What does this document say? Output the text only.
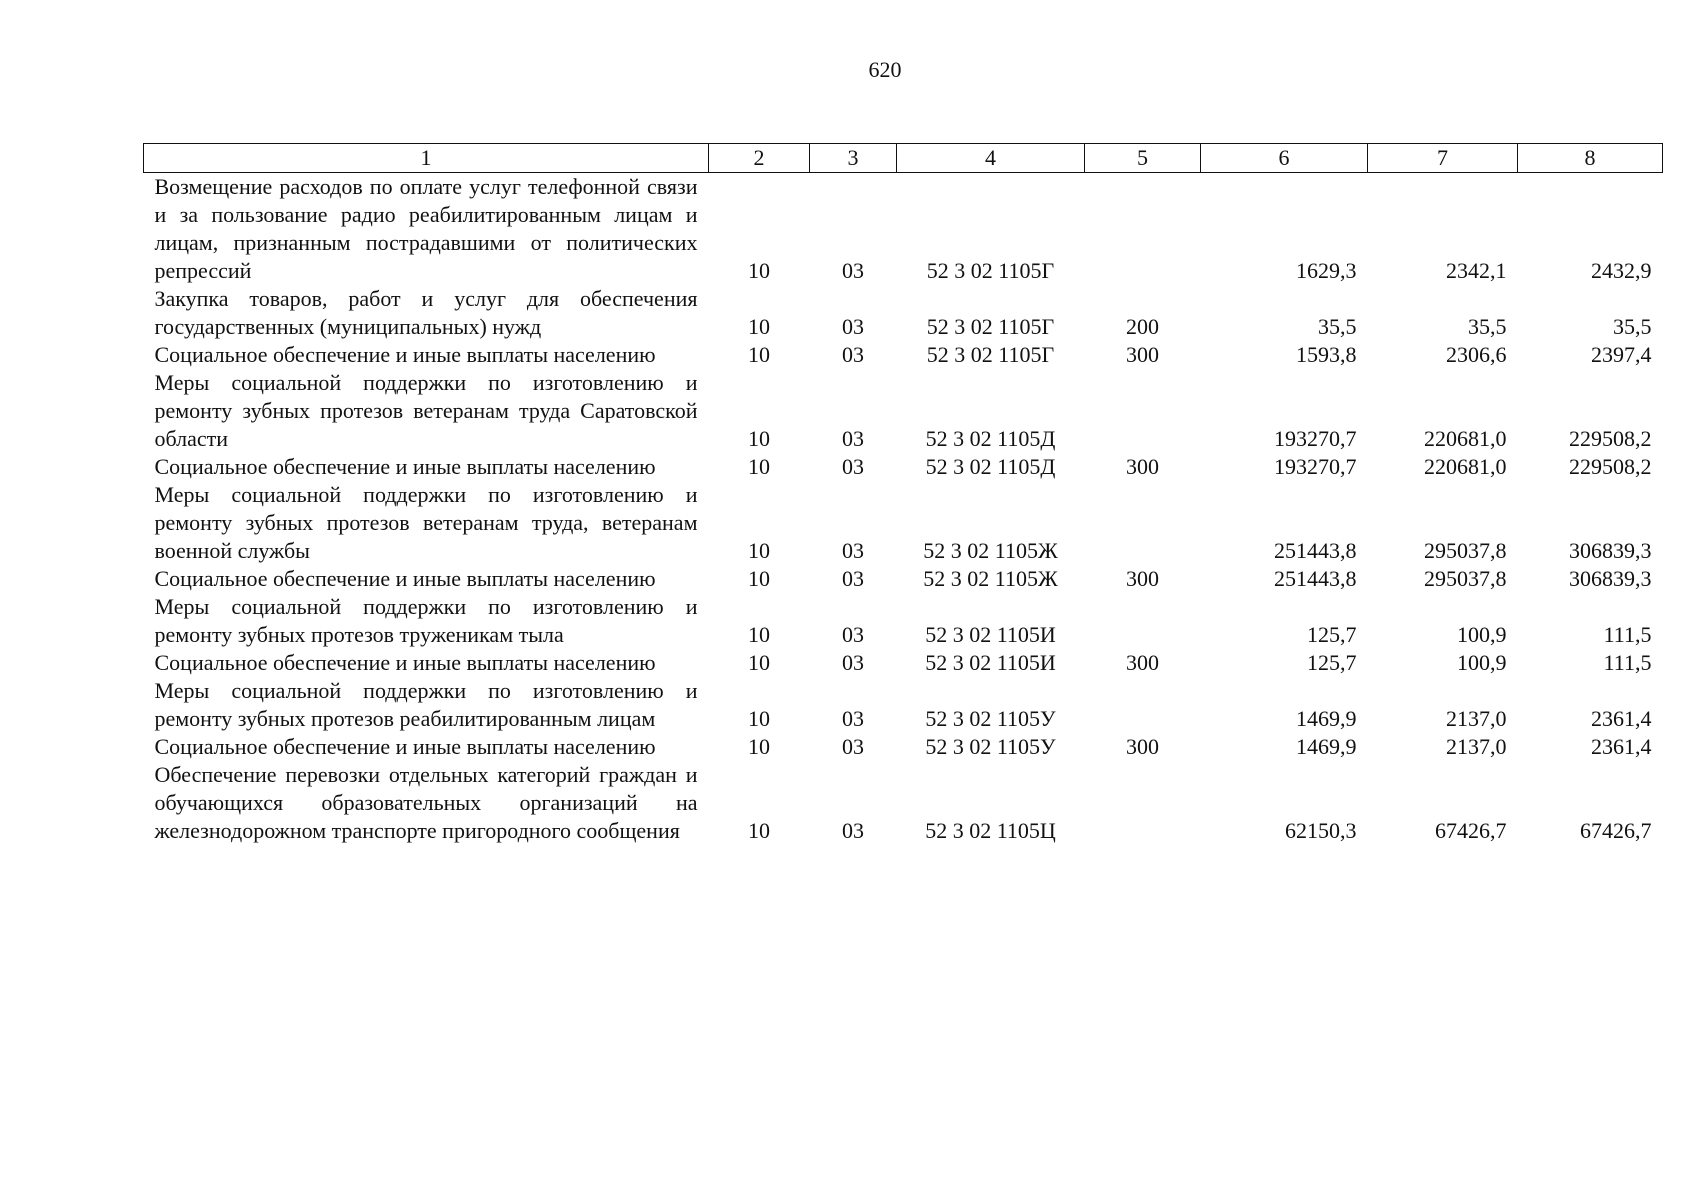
620
1	2	3	4	5	6	7	8
Возмещение расходов по оплате услуг телефонной связи и за пользование радио реабилитированным лицам и лицам, признанным пострадавшими от политических репрессий	10	03	52 3 02 1105Г		1629,3	2342,1	2432,9
Закупка товаров, работ и услуг для обеспечения государственных (муниципальных) нужд	10	03	52 3 02 1105Г	200	35,5	35,5	35,5
Социальное обеспечение и иные выплаты населению	10	03	52 3 02 1105Г	300	1593,8	2306,6	2397,4
Меры социальной поддержки по изготовлению и ремонту зубных протезов ветеранам труда Саратовской области	10	03	52 3 02 1105Д		193270,7	220681,0	229508,2
Социальное обеспечение и иные выплаты населению	10	03	52 3 02 1105Д	300	193270,7	220681,0	229508,2
Меры социальной поддержки по изготовлению и ремонту зубных протезов ветеранам труда, ветеранам военной службы	10	03	52 3 02 1105Ж		251443,8	295037,8	306839,3
Социальное обеспечение и иные выплаты населению	10	03	52 3 02 1105Ж	300	251443,8	295037,8	306839,3
Меры социальной поддержки по изготовлению и ремонту зубных протезов труженикам тыла	10	03	52 3 02 1105И		125,7	100,9	111,5
Социальное обеспечение и иные выплаты населению	10	03	52 3 02 1105И	300	125,7	100,9	111,5
Меры социальной поддержки по изготовлению и ремонту зубных протезов реабилитированным лицам	10	03	52 3 02 1105У		1469,9	2137,0	2361,4
Социальное обеспечение и иные выплаты населению	10	03	52 3 02 1105У	300	1469,9	2137,0	2361,4
Обеспечение перевозки отдельных категорий граждан и обучающихся образовательных организаций на железнодорожном транспорте пригородного сообщения	10	03	52 3 02 1105Ц		62150,3	67426,7	67426,7
